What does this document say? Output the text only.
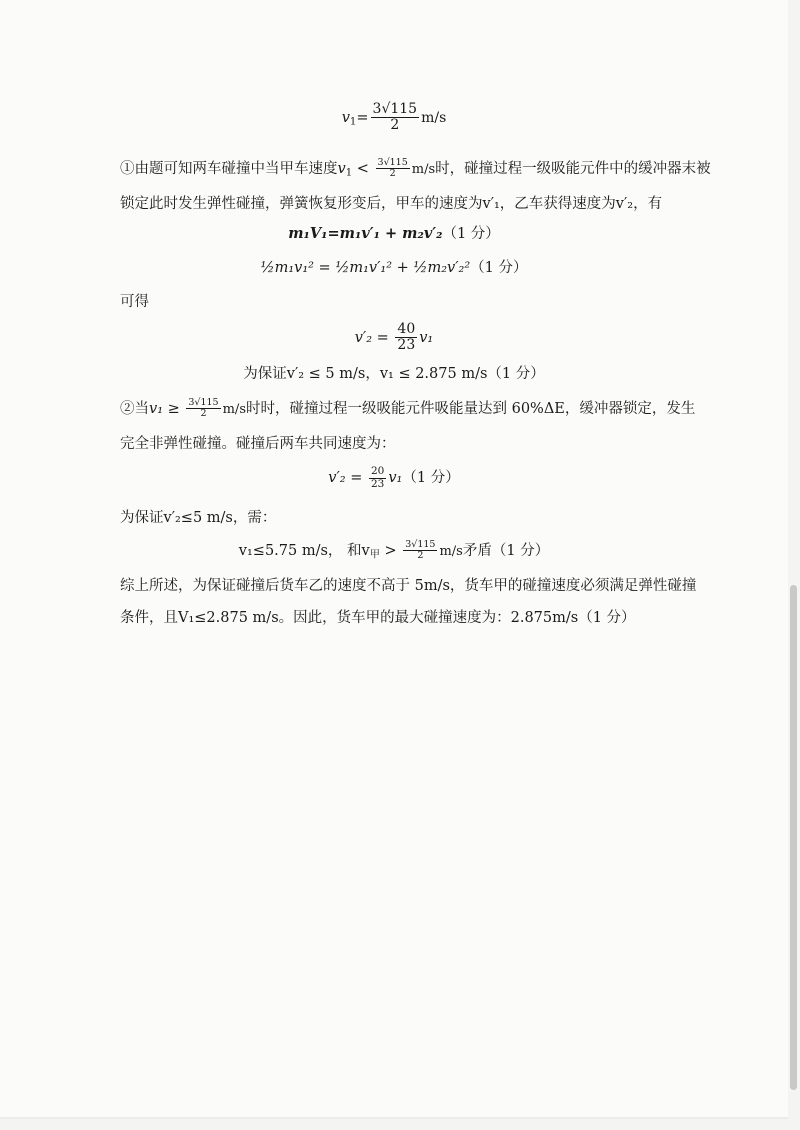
$v_1= \frac{3√115}{2} m/s$
①由题可知两车碰撞中当甲车速度$v_1 < \frac{3√115}{2} m/s$时，碰撞过程一级吸能元件中的缓冲器末被
锁定此时发生弹性碰撞，弹簧恢复形变后，甲车的速度为v′₁，乙车获得速度为v′₂，有
m₁V₁=m₁v′₁ + m₂v′₂（1 分）
½m₁v₁² = ½m₁v′₁² + ½m₂v′₂²（1 分）
可得
$v'_2 = \frac{40}{23} v_1$
为保证v′₂ ≤ 5 m/s，v₁ ≤ 2.875 m/s（1 分）
②当$v_1 \ge \frac{3√115}{2} m/s$时时，碰撞过程一级吸能元件吸能量达到 60%ΔE，缓冲器锁定，发生
完全非弹性碰撞。碰撞后两车共同速度为：
$v'_2 = \frac{20}{23} v_1(1$ 分）
为保证v′₂≤5 m/s，需：
v₁≤5.75 m/s， 和$v_甲 > \frac{3√115}{2} m/s$矛盾（1 分）
综上所述，为保证碰撞后货车乙的速度不高于 5m/s，货车甲的碰撞速度必须满足弹性碰撞
条件，且V₁≤2.875 m/s。因此，货车甲的最大碰撞速度为：2.875m/s（1 分）
